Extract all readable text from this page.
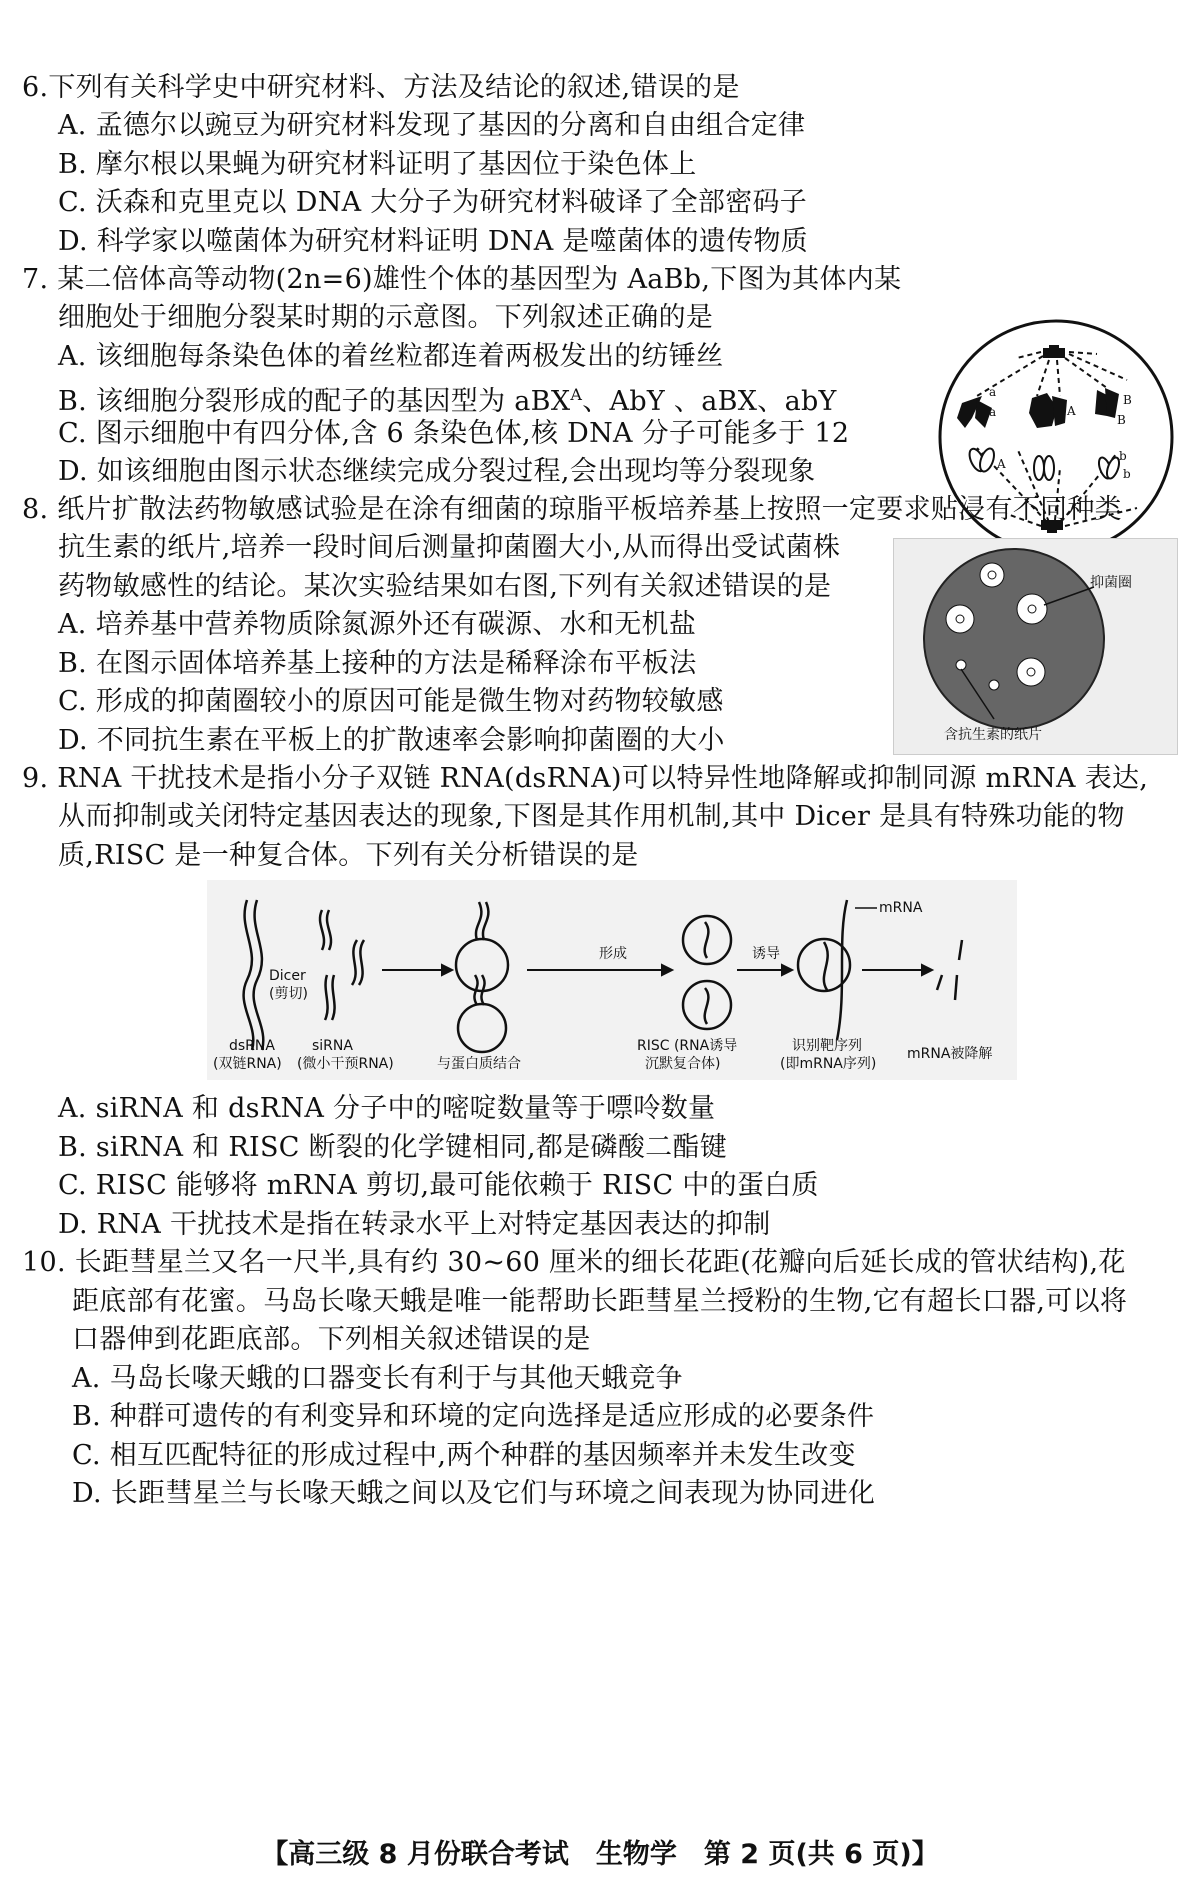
6.下列有关科学史中研究材料、方法及结论的叙述,错误的是
A. 孟德尔以豌豆为研究材料发现了基因的分离和自由组合定律
B. 摩尔根以果蝇为研究材料证明了基因位于染色体上
C. 沃森和克里克以 DNA 大分子为研究材料破译了全部密码子
D. 科学家以噬菌体为研究材料证明 DNA 是噬菌体的遗传物质
7. 某二倍体高等动物(2n=6)雄性个体的基因型为 AaBb,下图为其体内某
细胞处于细胞分裂某时期的示意图。下列叙述正确的是
A. 该细胞每条染色体的着丝粒都连着两极发出的纺锤丝
B. 该细胞分裂形成的配子的基因型为 aBX$^A$、AbY 、aBX、abY
C. 图示细胞中有四分体,含 6 条染色体,核 DNA 分子可能多于 12
D. 如该细胞由图示状态继续完成分裂过程,会出现均等分裂现象
a
a	A
B
B
A
b
b
8. 纸片扩散法药物敏感试验是在涂有细菌的琼脂平板培养基上按照一定要求贴浸有不同种类
抗生素的纸片,培养一段时间后测量抑菌圈大小,从而得出受试菌株
药物敏感性的结论。某次实验结果如右图,下列有关叙述错误的是
A. 培养基中营养物质除氮源外还有碳源、水和无机盐
B. 在图示固体培养基上接种的方法是稀释涂布平板法
C. 形成的抑菌圈较小的原因可能是微生物对药物较敏感
D. 不同抗生素在平板上的扩散速率会影响抑菌圈的大小
抑菌圈
含抗生素的纸片
9. RNA 干扰技术是指小分子双链 RNA(dsRNA)可以特异性地降解或抑制同源 mRNA 表达,
从而抑制或关闭特定基因表达的现象,下图是其作用机制,其中 Dicer 是具有特殊功能的物
质,RISC 是一种复合体。下列有关分析错误的是
Dicer
(剪切)
dsRNA
(双链RNA)
siRNA
(微小干预RNA)	与蛋白质结合
形成
RISC (RNA诱导
沉默复合体)
诱导
mRNA
识别靶序列
(即mRNA序列)
mRNA被降解
A. siRNA 和 dsRNA 分子中的嘧啶数量等于嘌呤数量
B. siRNA 和 RISC 断裂的化学键相同,都是磷酸二酯键
C. RISC 能够将 mRNA 剪切,最可能依赖于 RISC 中的蛋白质
D. RNA 干扰技术是指在转录水平上对特定基因表达的抑制
10. 长距彗星兰又名一尺半,具有约 30~60 厘米的细长花距(花瓣向后延长成的管状结构),花
距底部有花蜜。马岛长喙天蛾是唯一能帮助长距彗星兰授粉的生物,它有超长口器,可以将
口器伸到花距底部。下列相关叙述错误的是
A. 马岛长喙天蛾的口器变长有利于与其他天蛾竞争
B. 种群可遗传的有利变异和环境的定向选择是适应形成的必要条件
C. 相互匹配特征的形成过程中,两个种群的基因频率并未发生改变
D. 长距彗星兰与长喙天蛾之间以及它们与环境之间表现为协同进化
【高三级 8 月份联合考试　生物学　第 2 页(共 6 页)】
